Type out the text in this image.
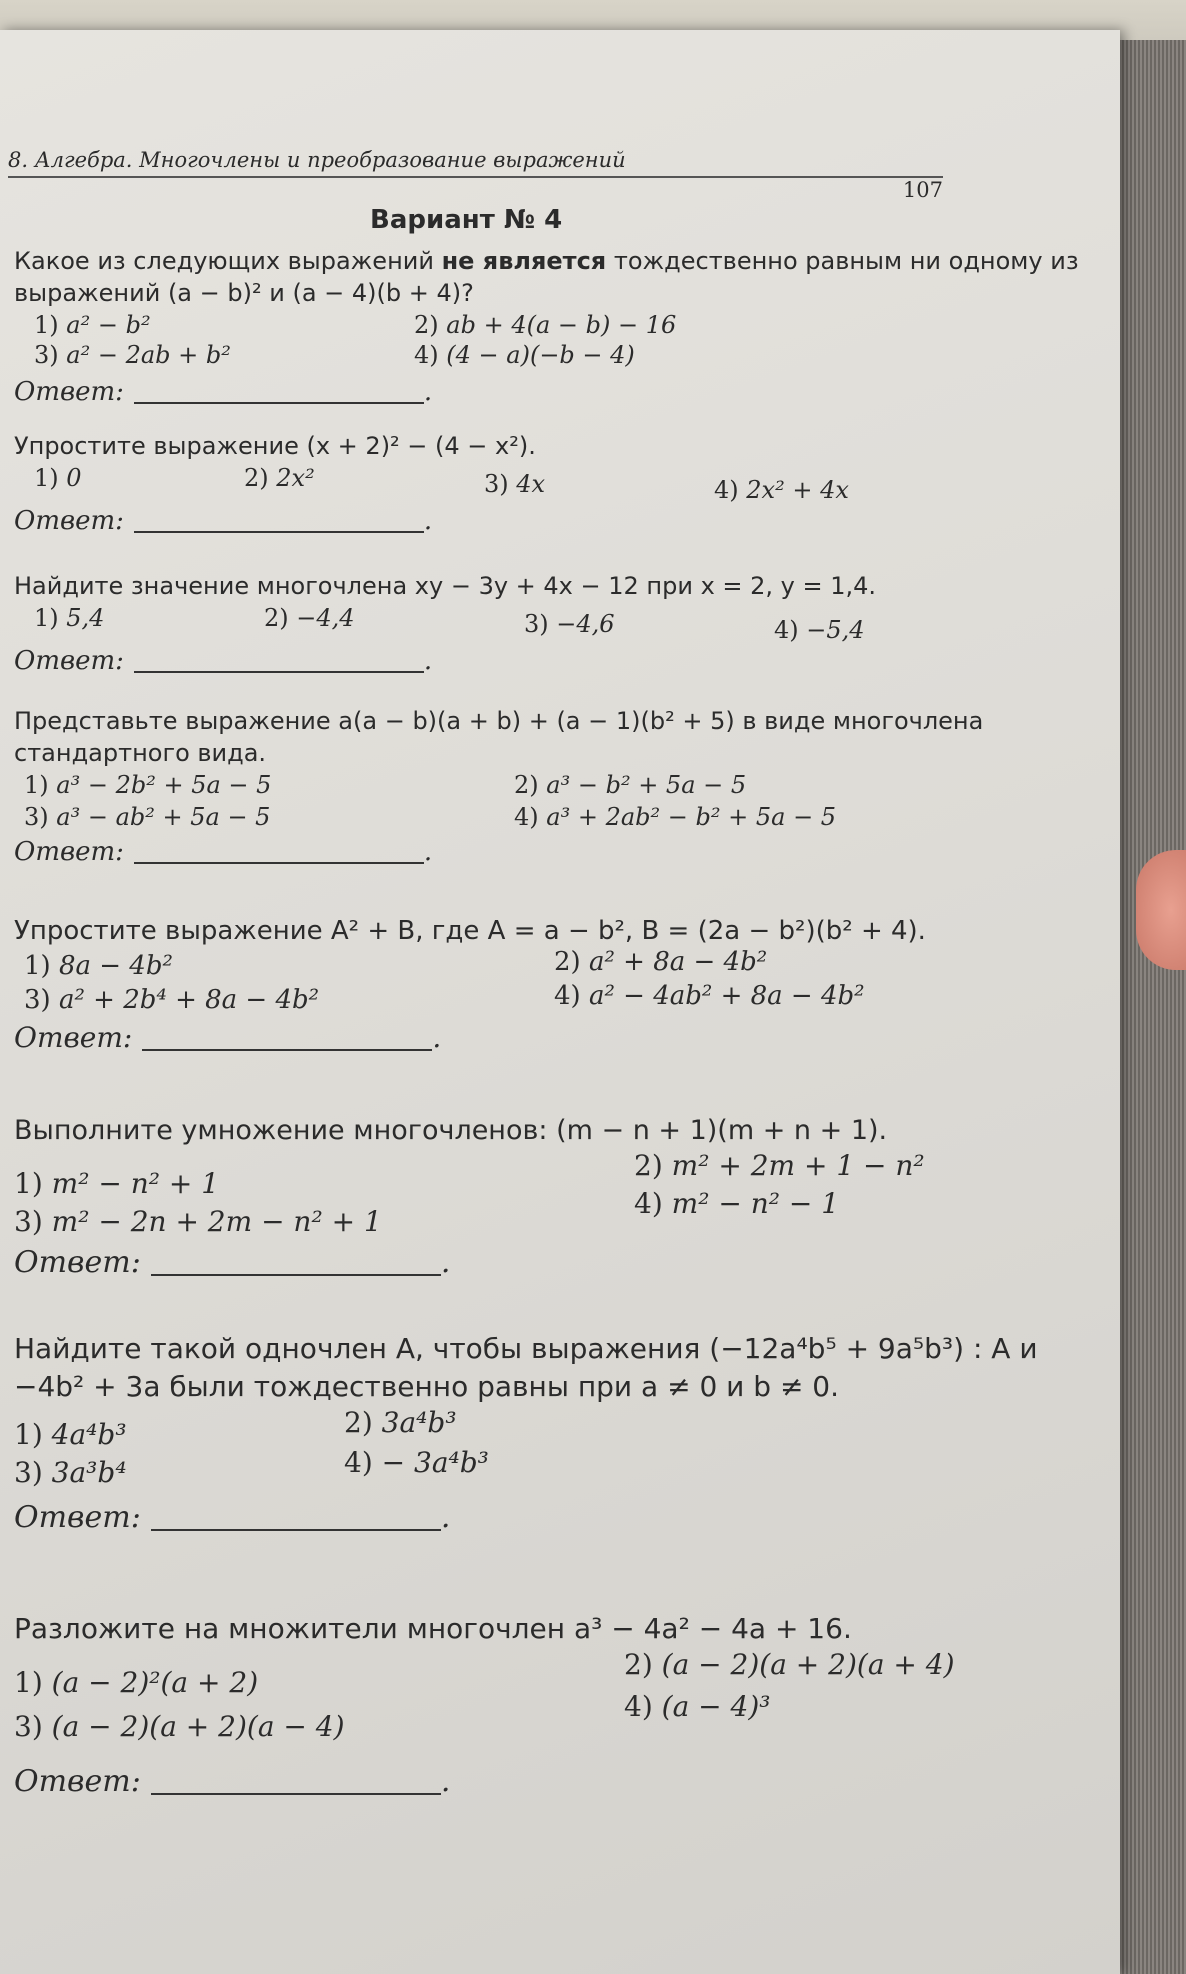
8. Алгебра. Многочлены и преобразование выражений
107
Вариант № 4
Какое из следующих выражений не является тождественно равным ни одному из выражений (a − b)² и (a − 4)(b + 4)?
1) a² − b²	2) ab + 4(a − b) − 16
3) a² − 2ab + b²	4) (4 − a)(−b − 4)
Ответ:	.
Упростите выражение (x + 2)² − (4 − x²).
1) 0	2) 2x²	3) 4x	4) 2x² + 4x
Ответ:	.
Найдите значение многочлена xy − 3y + 4x − 12 при x = 2, y = 1,4.
1) 5,4	2) −4,4	3) −4,6	4) −5,4
Ответ:	.
Представьте выражение a(a − b)(a + b) + (a − 1)(b² + 5) в виде многочлена стандартного вида.
1) a³ − 2b² + 5a − 5	2) a³ − b² + 5a − 5
3) a³ − ab² + 5a − 5	4) a³ + 2ab² − b² + 5a − 5
Ответ:	.
Упростите выражение A² + B, где A = a − b², B = (2a − b²)(b² + 4).
1) 8a − 4b²	2) a² + 8a − 4b²
3) a² + 2b⁴ + 8a − 4b²	4) a² − 4ab² + 8a − 4b²
Ответ:	.
Выполните умножение многочленов: (m − n + 1)(m + n + 1).
1) m² − n² + 1
2) m² + 2m + 1 − n²
3) m² − 2n + 2m − n² + 1
4) m² − n² − 1
Ответ:	.
Найдите такой одночлен A, чтобы выражения (−12a⁴b⁵ + 9a⁵b³) : A и −4b² + 3a были тождественно равны при a ≠ 0 и b ≠ 0.
1) 4a⁴b³	2) 3a⁴b³
3) 3a³b⁴	4) − 3a⁴b³
Ответ:	.
Разложите на множители многочлен a³ − 4a² − 4a + 16.
1) (a − 2)²(a + 2)
2) (a − 2)(a + 2)(a + 4)
3) (a − 2)(a + 2)(a − 4)
4) (a − 4)³
Ответ:	.
